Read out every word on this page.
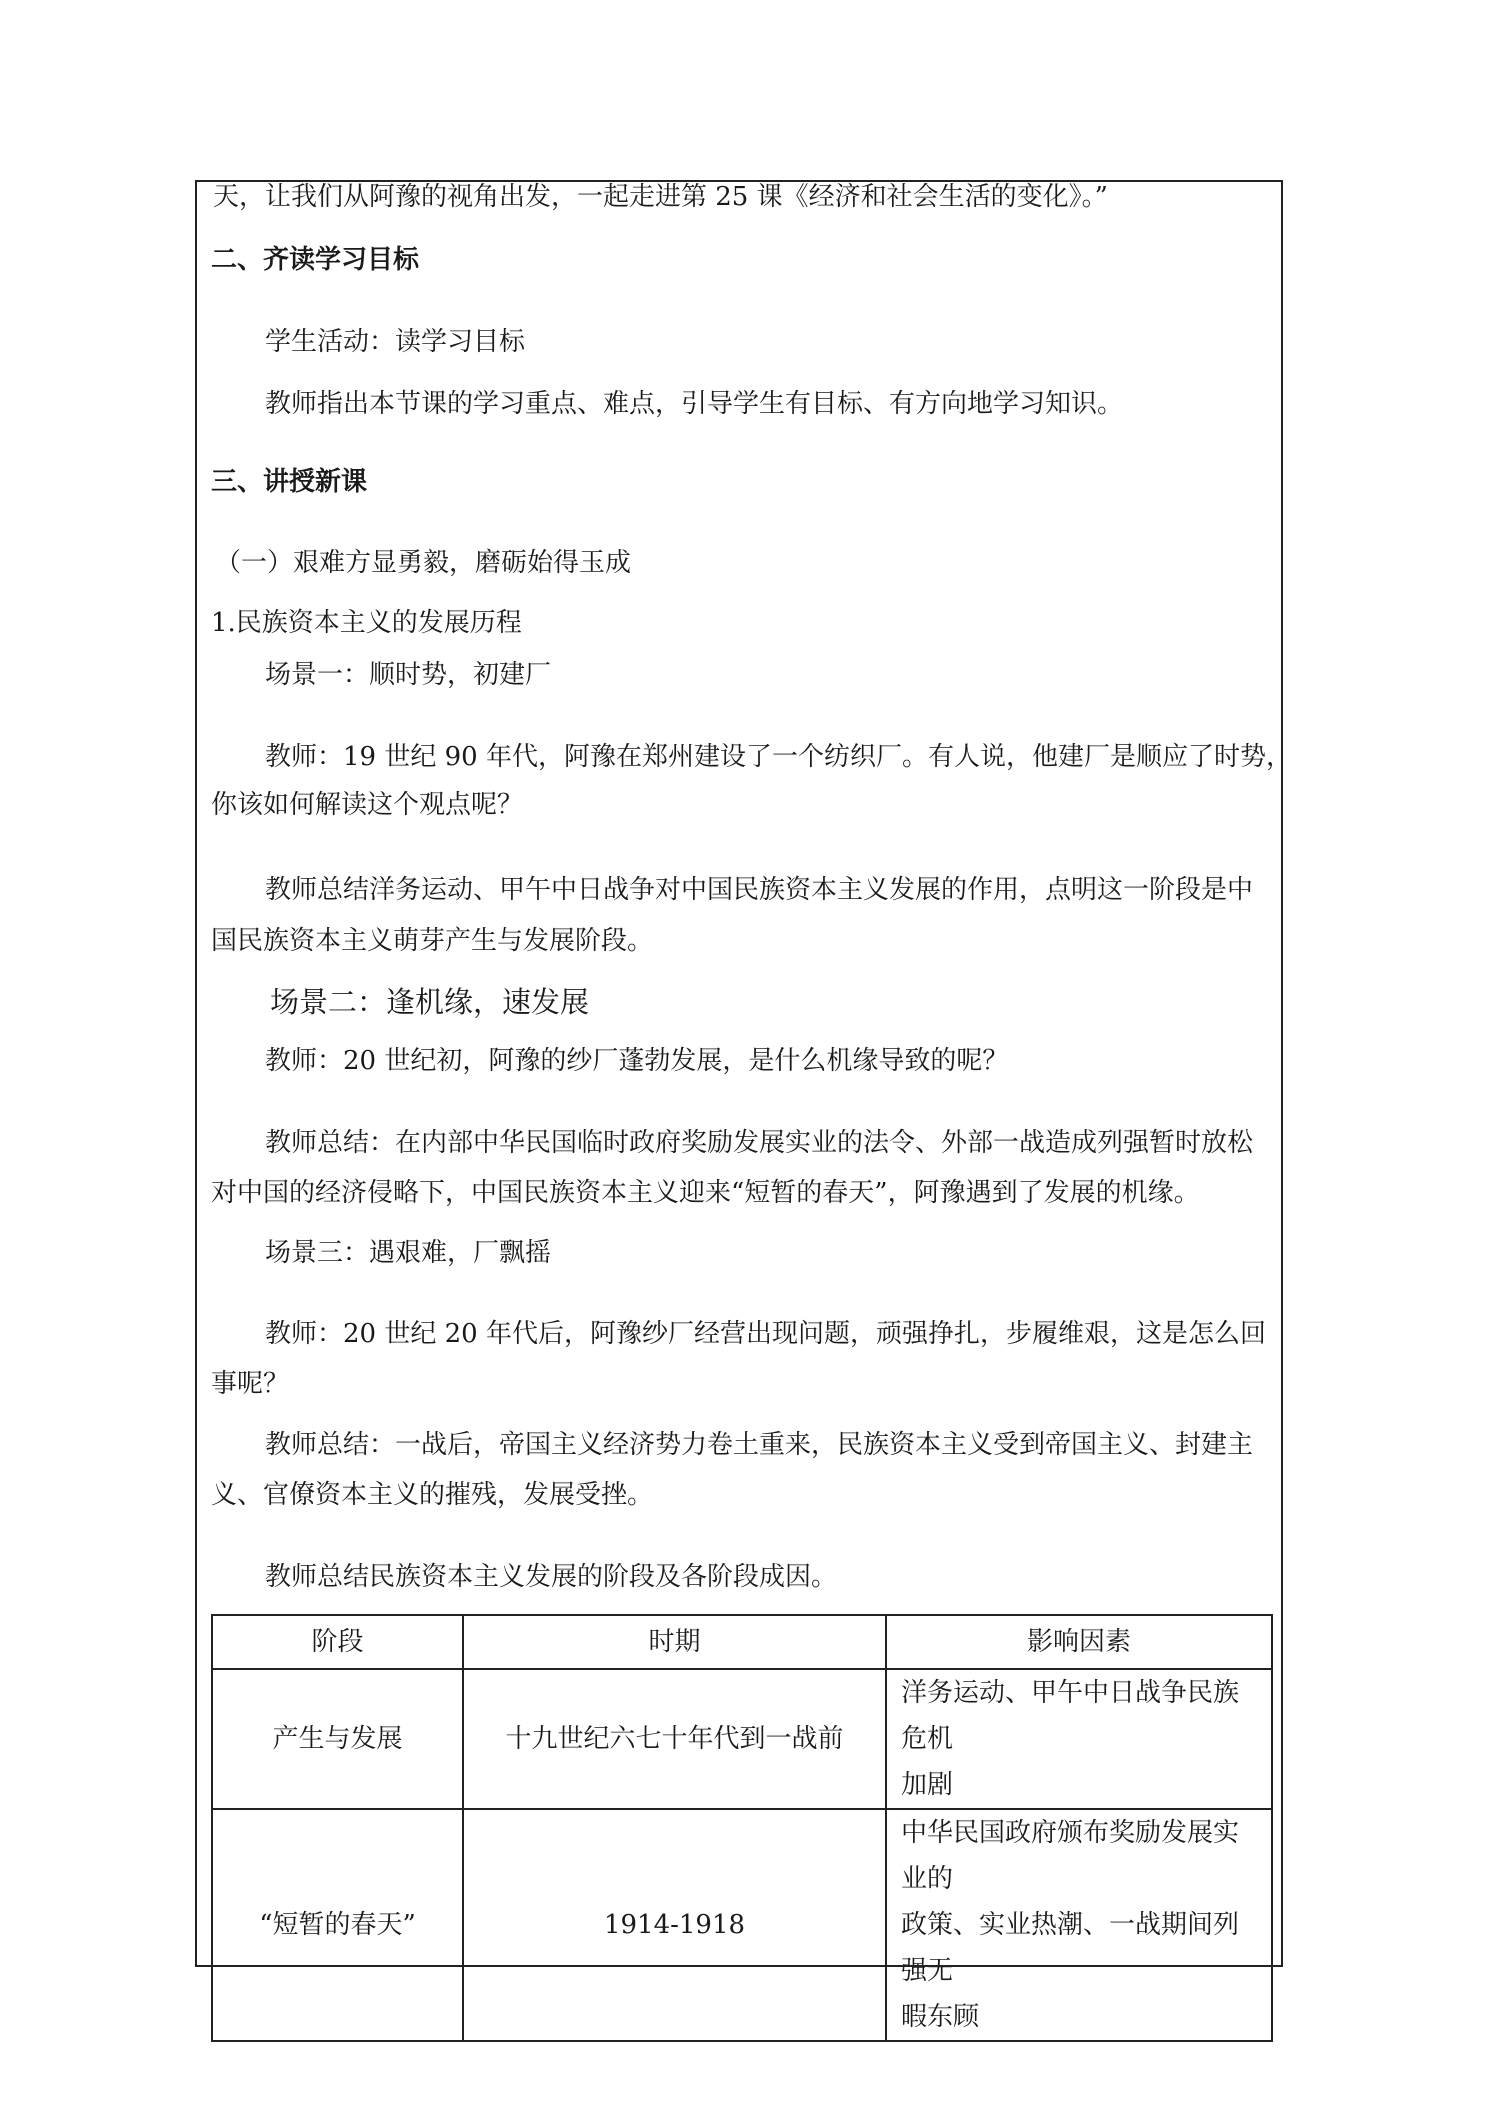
天，让我们从阿豫的视角出发，一起走进第 25 课《经济和社会生活的变化》。”
二、齐读学习目标
学生活动：读学习目标
教师指出本节课的学习重点、难点，引导学生有目标、有方向地学习知识。
三、讲授新课
（一）艰难方显勇毅，磨砺始得玉成
1.民族资本主义的发展历程
场景一：顺时势，初建厂
教师：19 世纪 90 年代，阿豫在郑州建设了一个纺织厂。有人说，他建厂是顺应了时势，
你该如何解读这个观点呢？
教师总结洋务运动、甲午中日战争对中国民族资本主义发展的作用，点明这一阶段是中
国民族资本主义萌芽产生与发展阶段。
场景二：逢机缘，速发展
教师：20 世纪初，阿豫的纱厂蓬勃发展，是什么机缘导致的呢？
教师总结：在内部中华民国临时政府奖励发展实业的法令、外部一战造成列强暂时放松
对中国的经济侵略下，中国民族资本主义迎来“短暂的春天”，阿豫遇到了发展的机缘。
场景三：遇艰难，厂飘摇
教师：20 世纪 20 年代后，阿豫纱厂经营出现问题，顽强挣扎，步履维艰，这是怎么回
事呢？
教师总结：一战后，帝国主义经济势力卷土重来，民族资本主义受到帝国主义、封建主
义、官僚资本主义的摧残，发展受挫。
教师总结民族资本主义发展的阶段及各阶段成因。
阶段	时期	影响因素
产生与发展	十九世纪六七十年代到一战前	洋务运动、甲午中日战争民族危机
加剧

“短暂的春天”	1914-1918	中华民国政府颁布奖励发展实业的
政策、实业热潮、一战期间列强无
暇东顾
